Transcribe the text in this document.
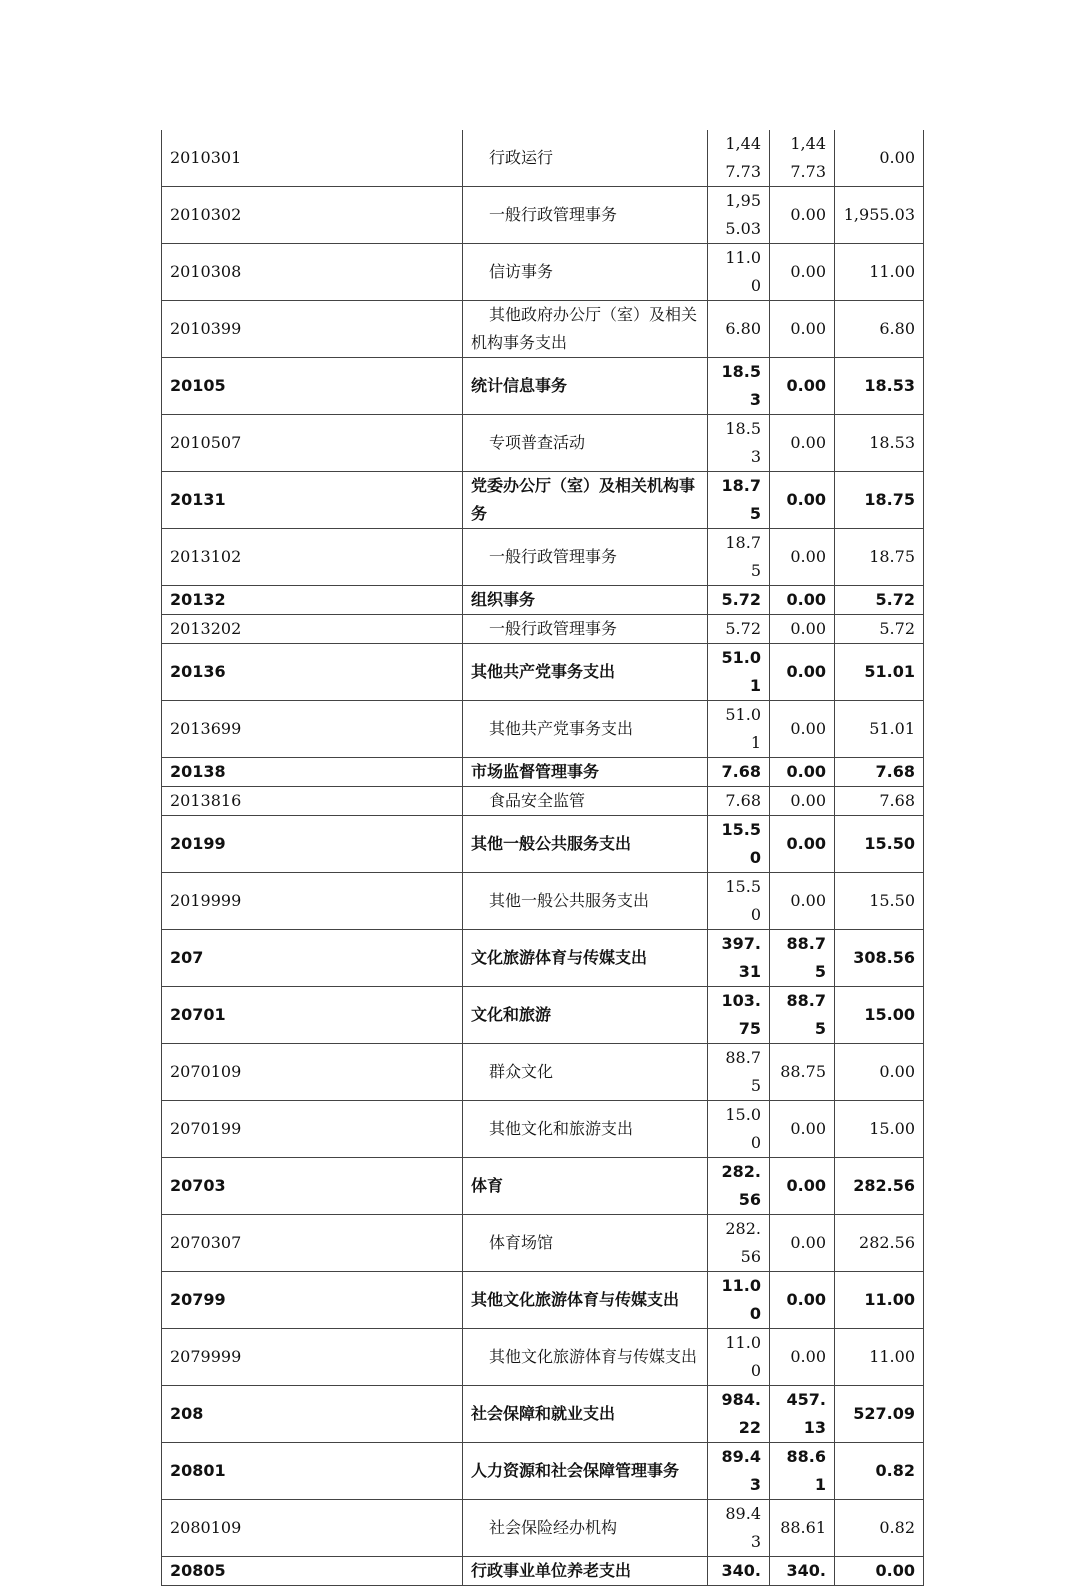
2010301	行政运行	1,447.73	1,447.73	0.00
2010302	一般行政管理事务	1,955.03	0.00	1,955.03
2010308	信访事务	11.00	0.00	11.00
2010399	其他政府办公厅（室）及相关机构事务支出	6.80	0.00	6.80
20105	统计信息事务	18.53	0.00	18.53
2010507	专项普查活动	18.53	0.00	18.53
20131	党委办公厅（室）及相关机构事务	18.75	0.00	18.75
2013102	一般行政管理事务	18.75	0.00	18.75
20132	组织事务	5.72	0.00	5.72
2013202	一般行政管理事务	5.72	0.00	5.72
20136	其他共产党事务支出	51.01	0.00	51.01
2013699	其他共产党事务支出	51.01	0.00	51.01
20138	市场监督管理事务	7.68	0.00	7.68
2013816	食品安全监管	7.68	0.00	7.68
20199	其他一般公共服务支出	15.50	0.00	15.50
2019999	其他一般公共服务支出	15.50	0.00	15.50
207	文化旅游体育与传媒支出	397.31	88.75	308.56
20701	文化和旅游	103.75	88.75	15.00
2070109	群众文化	88.75	88.75	0.00
2070199	其他文化和旅游支出	15.00	0.00	15.00
20703	体育	282.56	0.00	282.56
2070307	体育场馆	282.56	0.00	282.56
20799	其他文化旅游体育与传媒支出	11.00	0.00	11.00
2079999	其他文化旅游体育与传媒支出	11.00	0.00	11.00
208	社会保障和就业支出	984.22	457.13	527.09
20801	人力资源和社会保障管理事务	89.43	88.61	0.82
2080109	社会保险经办机构	89.43	88.61	0.82
20805	行政事业单位养老支出	340.	340.	0.00
